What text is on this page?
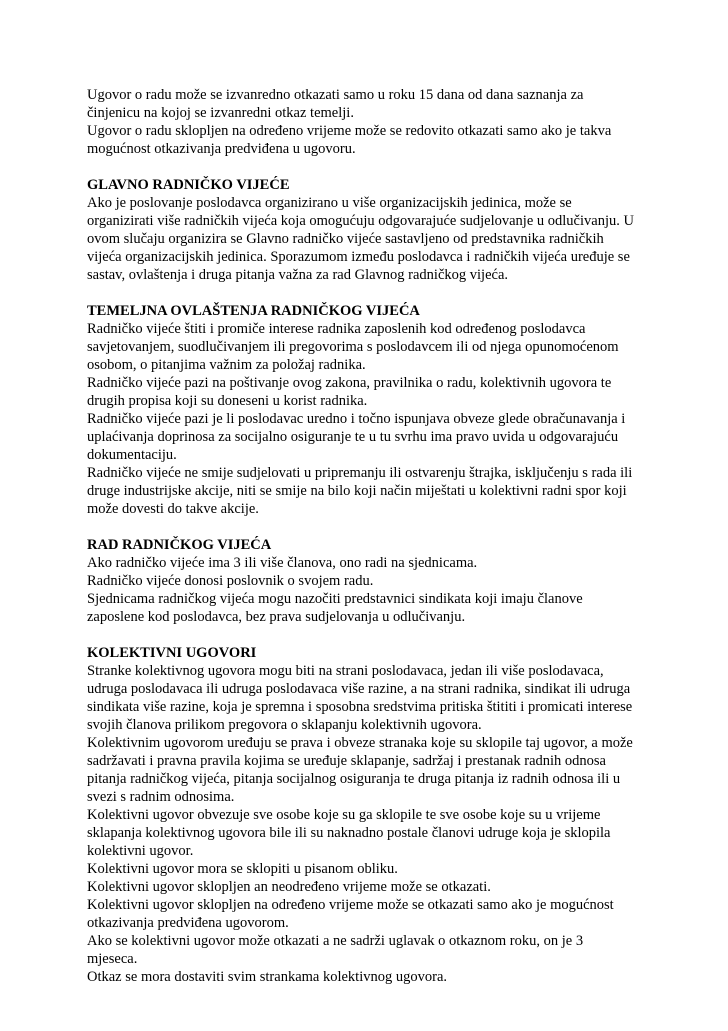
Ugovor o radu može se izvanredno otkazati samo u roku 15 dana od dana saznanja za

činjenicu na kojoj se izvanredni otkaz temelji.

Ugovor o radu sklopljen na određeno vrijeme može se redovito otkazati samo ako je takva

mogućnost otkazivanja predviđena u ugovoru.

GLAVNO RADNIČKO VIJEĆE

Ako je poslovanje poslodavca organizirano u više organizacijskih jedinica, može se

organizirati više radničkih vijeća koja omogućuju odgovarajuće sudjelovanje u odlučivanju. U

ovom slučaju organizira se Glavno radničko vijeće sastavljeno od predstavnika radničkih

vijeća organizacijskih jedinica. Sporazumom između poslodavca i radničkih vijeća uređuje se

sastav, ovlaštenja i druga pitanja važna za rad Glavnog radničkog vijeća.

TEMELJNA OVLAŠTENJA RADNIČKOG VIJEĆA

Radničko vijeće štiti i promiče interese radnika zaposlenih kod određenog poslodavca

savjetovanjem, suodlučivanjem ili pregovorima s poslodavcem ili od njega opunomoćenom

osobom, o pitanjima važnim za položaj radnika.

Radničko vijeće pazi na poštivanje ovog zakona, pravilnika o radu, kolektivnih ugovora te

drugih propisa koji su doneseni u korist radnika.

Radničko vijeće pazi je li poslodavac uredno i točno ispunjava obveze glede obračunavanja i

uplaćivanja doprinosa za socijalno osiguranje te u tu svrhu ima pravo uvida u odgovarajuću

dokumentaciju.

Radničko vijeće ne smije sudjelovati u pripremanju ili ostvarenju štrajka, isključenju s rada ili

druge industrijske akcije, niti se smije na bilo koji način miještati u kolektivni radni spor koji

može dovesti do takve akcije.

RAD RADNIČKOG VIJEĆA

Ako radničko vijeće ima 3 ili više članova, ono radi na sjednicama.

Radničko vijeće donosi poslovnik o svojem radu.

Sjednicama radničkog vijeća mogu nazočiti predstavnici sindikata koji imaju članove

zaposlene kod poslodavca, bez prava sudjelovanja u odlučivanju.

KOLEKTIVNI UGOVORI

Stranke kolektivnog ugovora mogu biti na strani poslodavaca, jedan ili više poslodavaca,

udruga poslodavaca ili udruga poslodavaca više razine, a na strani radnika, sindikat ili udruga

sindikata više razine, koja je spremna i sposobna sredstvima pritiska štititi i promicati interese

svojih članova prilikom pregovora o sklapanju kolektivnih ugovora.

Kolektivnim ugovorom uređuju se prava i obveze stranaka koje su sklopile taj ugovor, a može

sadržavati i pravna pravila kojima se uređuje sklapanje, sadržaj i prestanak radnih odnosa

pitanja radničkog vijeća, pitanja socijalnog osiguranja te druga pitanja iz radnih odnosa ili u

svezi s radnim odnosima.

Kolektivni ugovor obvezuje sve osobe koje su ga sklopile te sve osobe koje su u vrijeme

sklapanja kolektivnog ugovora bile ili su naknadno postale članovi udruge koja je sklopila

kolektivni ugovor.

Kolektivni ugovor mora se sklopiti u pisanom obliku.

Kolektivni ugovor sklopljen an neodređeno vrijeme može se otkazati.

Kolektivni ugovor sklopljen na određeno vrijeme može se otkazati samo ako je mogućnost

otkazivanja predviđena ugovorom.

Ako se kolektivni ugovor može otkazati a ne sadrži uglavak o otkaznom roku, on je 3

mjeseca.

Otkaz se mora dostaviti svim strankama kolektivnog ugovora.
